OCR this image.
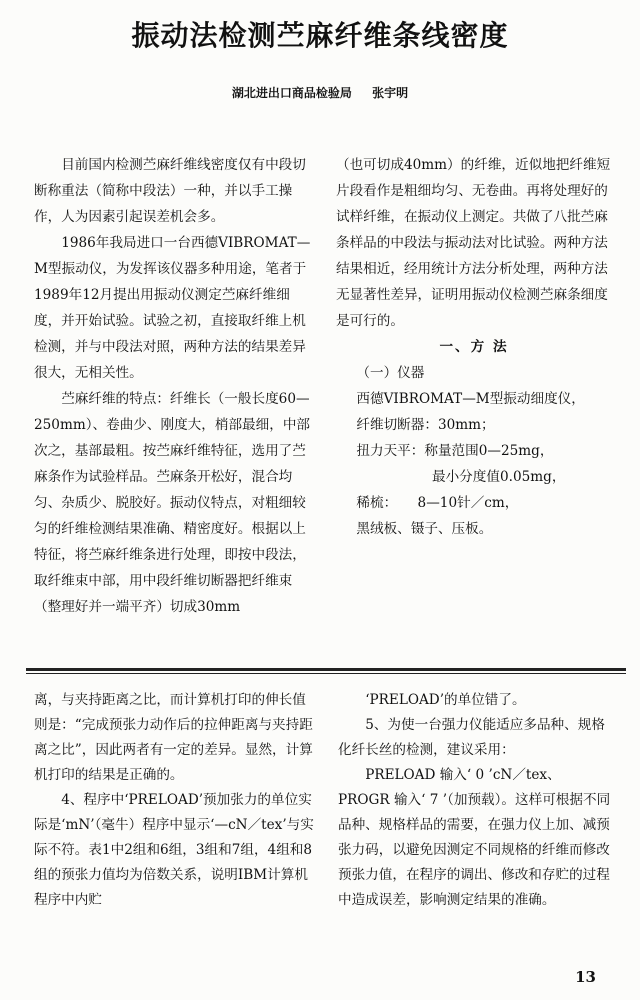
振动法检测苎麻纤维条线密度
湖北进出口商品检验局 张宇明

目前国内检测苎麻纤维线密度仅有中段切断称重法（简称中段法）一种，并以手工操作，人为因素引起误差机会多。

1986年我局进口一台西德VIBROMAT—M型振动仪，为发挥该仪器多种用途，笔者于1989年12月提出用振动仪测定苎麻纤维细度，并开始试验。试验之初，直接取纤维上机检测，并与中段法对照，两种方法的结果差异很大，无相关性。

苎麻纤维的特点：纤维长（一般长度60—250mm）、卷曲少、刚度大，梢部最细，中部次之，基部最粗。按苎麻纤维特征，选用了苎麻条作为试验样品。苎麻条开松好，混合均匀、杂质少、脱胶好。振动仪特点，对粗细较匀的纤维检测结果准确、精密度好。根据以上特征，将苎麻纤维条进行处理，即按中段法，取纤维束中部，用中段纤维切断器把纤维束（整理好并一端平齐）切成30mm

（也可切成40mm）的纤维，近似地把纤维短片段看作是粗细均匀、无卷曲。再将处理好的试样纤维，在振动仪上测定。共做了八批苎麻条样品的中段法与振动法对比试验。两种方法结果相近，经用统计方法分析处理，两种方法无显著性差异，证明用振动仪检测苎麻条细度是可行的。

一、方 法

（一）仪器

西德VIBROMAT—M型振动细度仪，

纤维切断器：30mm；

扭力天平：称量范围0—25mg，

最小分度值0.05mg，

稀梳：　　8—10针／cm，

黑绒板、镊子、压板。

离，与夹持距离之比，而计算机打印的伸长值则是：“完成预张力动作后的拉伸距离与夹持距离之比”，因此两者有一定的差异。显然，计算机打印的结果是正确的。

4、程序中‘PRELOAD’预加张力的单位实际是‘mN’（毫牛）程序中显示‘—cN／tex’与实际不符。表1中2组和6组，3组和7组，4组和8组的预张力值均为倍数关系，说明IBM计算机程序中内贮

‘PRELOAD’的单位错了。

5、为使一台强力仪能适应多品种、规格化纤长丝的检测，建议采用：

PRELOAD 输入‘ 0 ’cN／tex、

PROGR 输入‘ 7 ’（加预载）。这样可根据不同品种、规格样品的需要，在强力仪上加、减预张力码，以避免因测定不同规格的纤维而修改预张力值，在程序的调出、修改和存贮的过程中造成误差，影响测定结果的准确。

13
